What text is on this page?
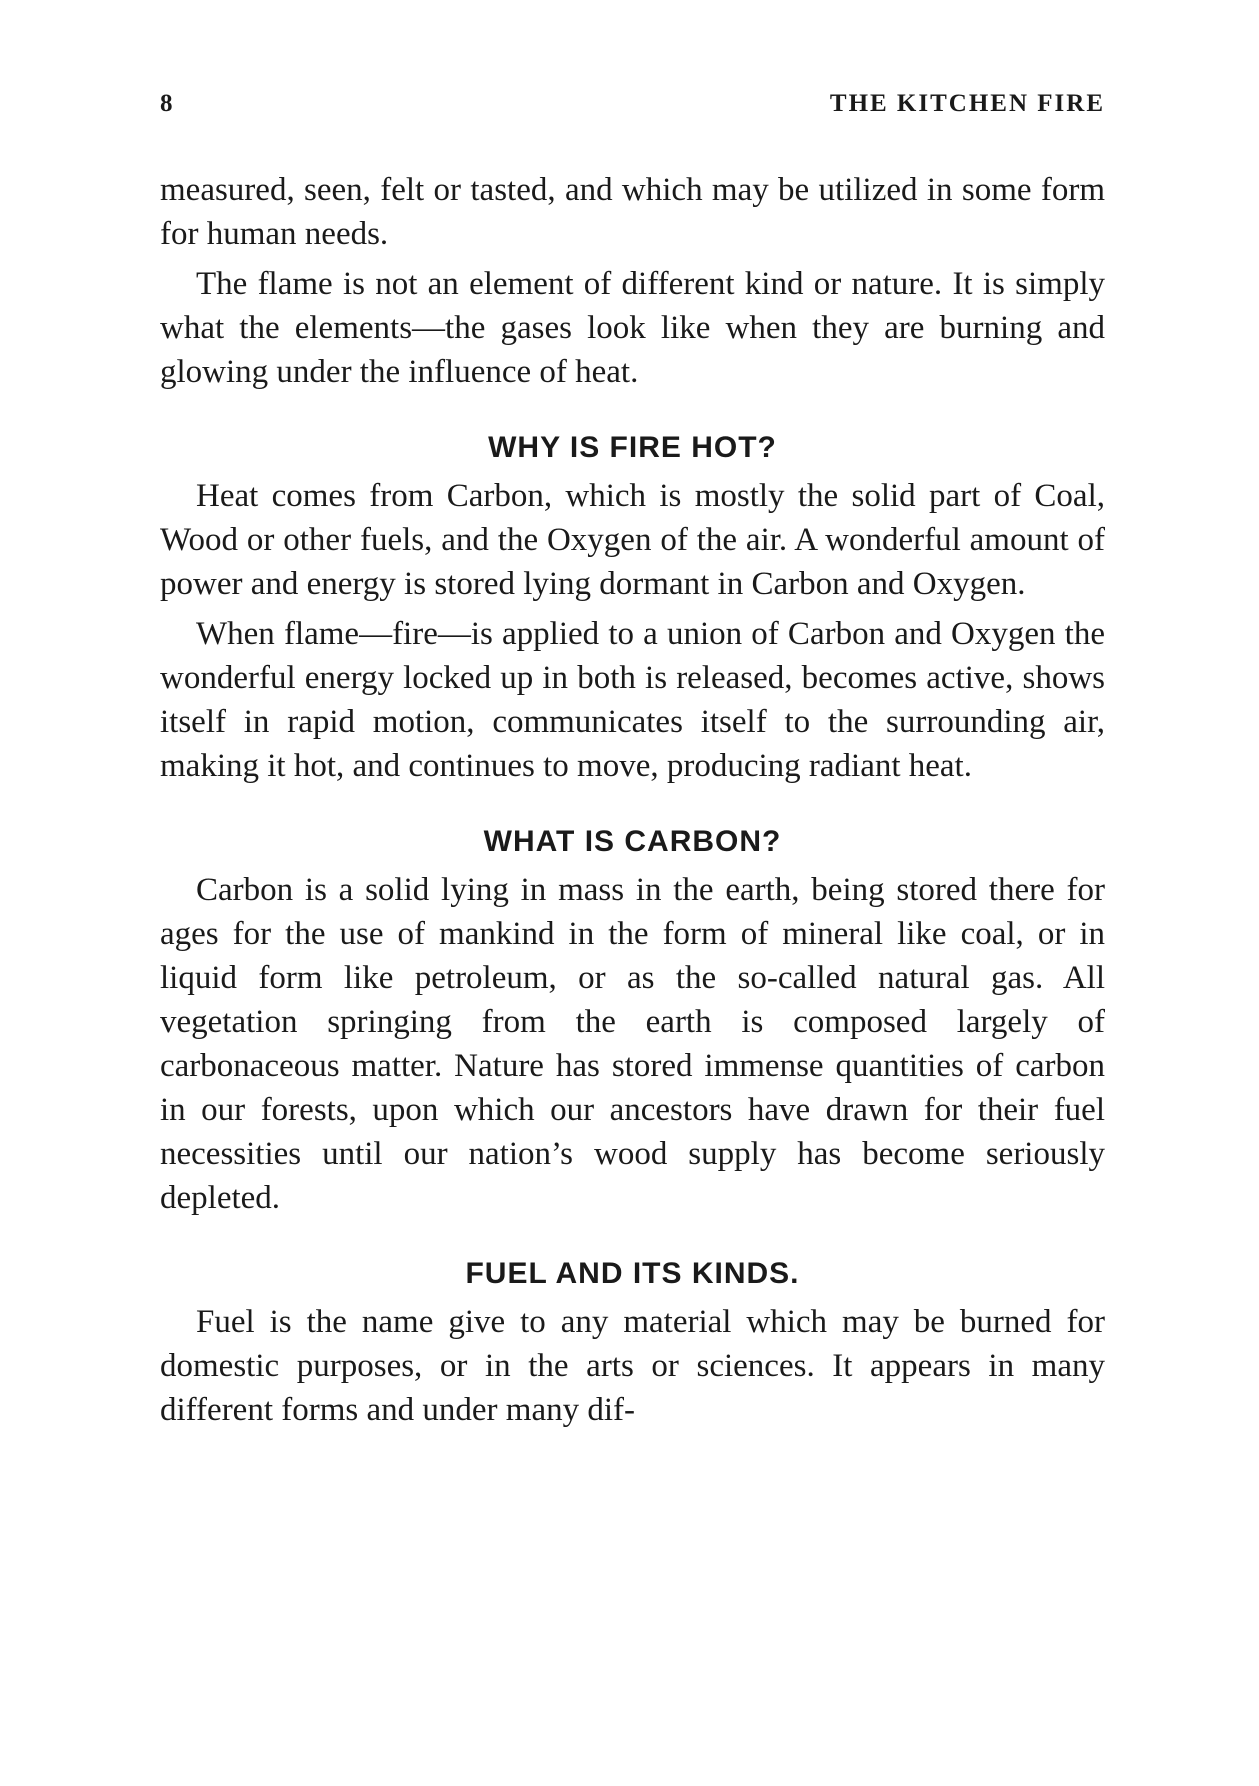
8	THE KITCHEN FIRE

measured, seen, felt or tasted, and which may be utilized in some form for human needs.

The flame is not an element of different kind or nature. It is simply what the elements—the gases look like when they are burning and glowing under the influence of heat.

WHY IS FIRE HOT?

Heat comes from Carbon, which is mostly the solid part of Coal, Wood or other fuels, and the Oxygen of the air. A wonderful amount of power and energy is stored lying dormant in Carbon and Oxygen.

When flame—fire—is applied to a union of Carbon and Oxygen the wonderful energy locked up in both is released, becomes active, shows itself in rapid motion, communicates itself to the surrounding air, making it hot, and continues to move, producing radiant heat.

WHAT IS CARBON?

Carbon is a solid lying in mass in the earth, being stored there for ages for the use of mankind in the form of mineral like coal, or in liquid form like petroleum, or as the so-called natural gas. All vegetation springing from the earth is composed largely of carbonaceous matter. Nature has stored immense quantities of carbon in our forests, upon which our ancestors have drawn for their fuel necessities until our nation’s wood supply has become seriously depleted.

FUEL AND ITS KINDS.

Fuel is the name give to any material which may be burned for domestic purposes, or in the arts or sciences. It appears in many different forms and under many dif-
